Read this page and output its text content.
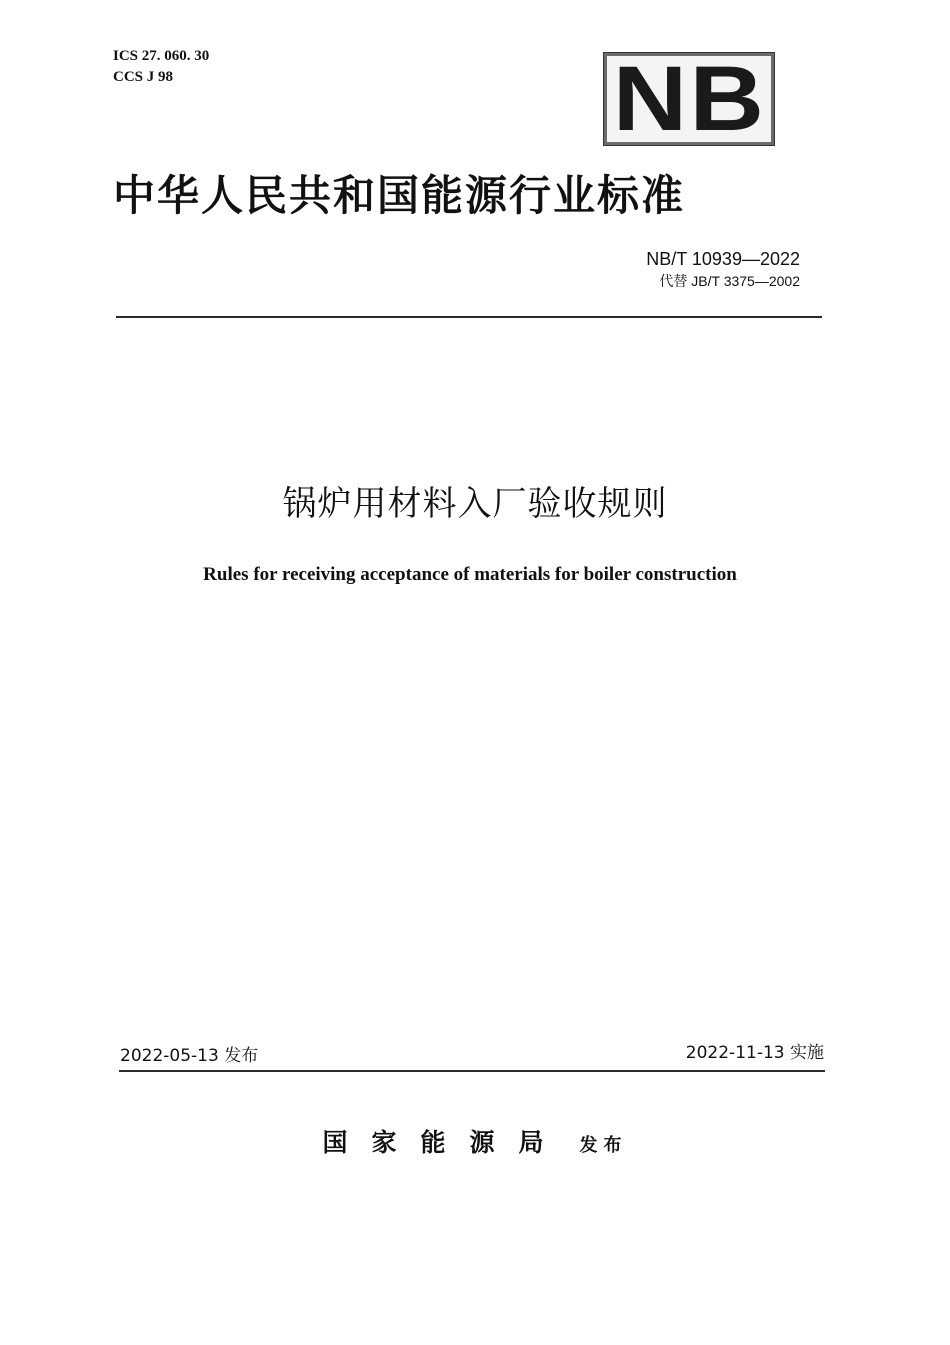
ICS 27. 060. 30
CCS J 98	NB
中华人民共和国能源行业标准
NB/T 10939—2022
代替 JB/T 3375—2002
锅炉用材料入厂验收规则
Rules for receiving acceptance of materials for boiler construction
2022-05-13 发布	2022-11-13 实施
国家能源局 发布
